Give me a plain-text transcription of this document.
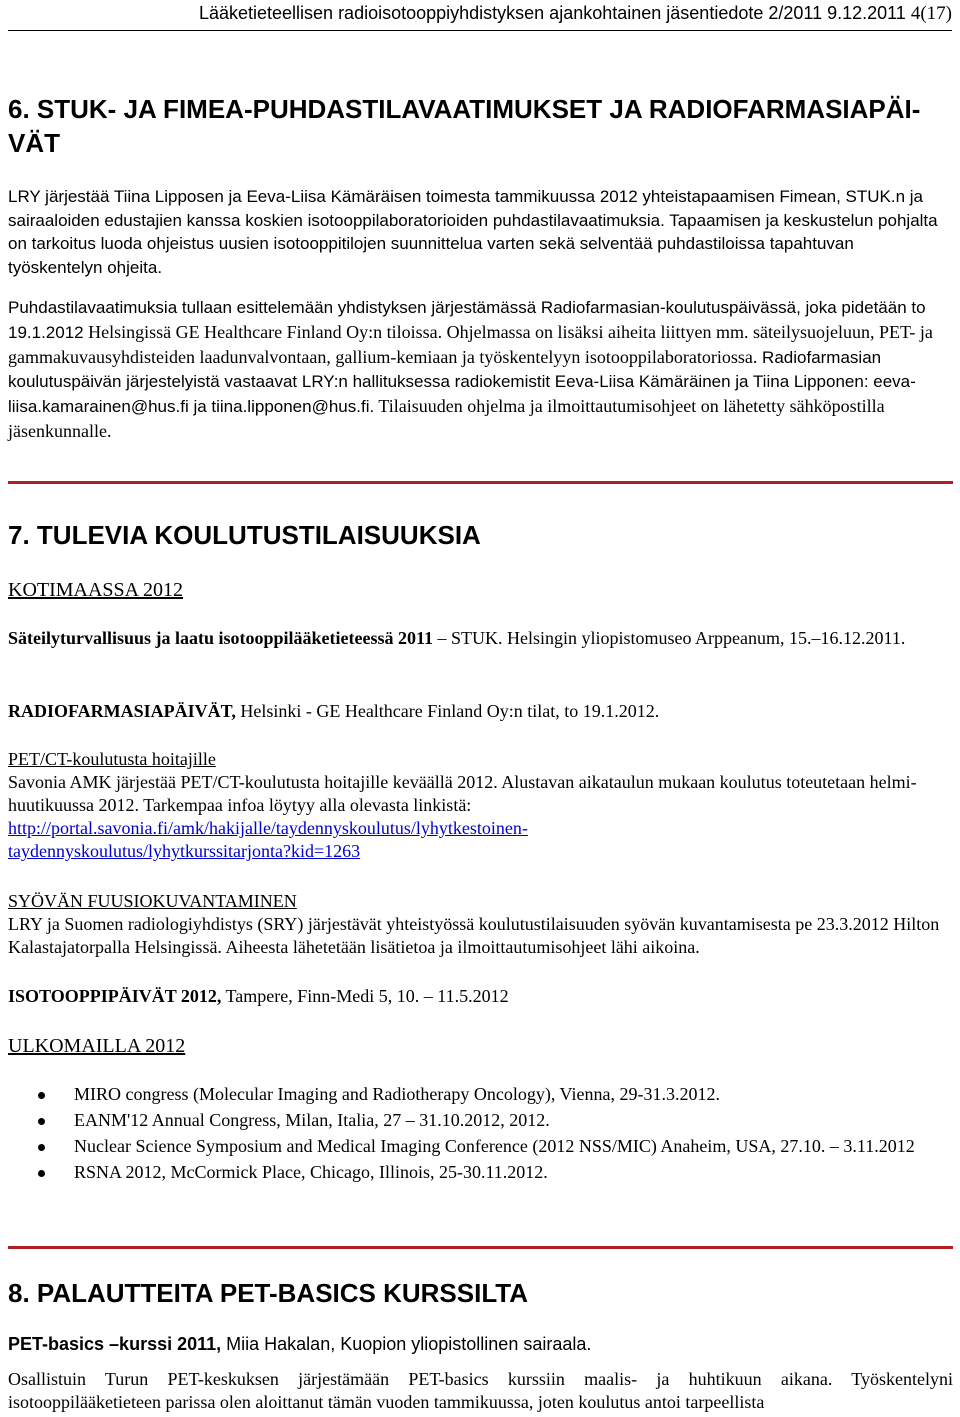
Lääketieteellisen radioisotooppiyhdistyksen ajankohtainen jäsentiedote 2/2011 9.12.2011 4(17)
6. STUK- JA FIMEA-PUHDASTILAVAATIMUKSET JA RADIOFARMASIAPÄI-VÄT

LRY järjestää Tiina Lipposen ja Eeva-Liisa Kämäräisen toimesta tammikuussa 2012 yhteistapaamisen Fimean, STUK.n ja sairaaloiden edustajien kanssa koskien isotooppilaboratorioiden puhdastilavaatimuksia. Tapaamisen ja keskustelun pohjalta on tarkoitus luoda ohjeistus uusien isotooppitilojen suunnittelua varten sekä selventää puhdastiloissa tapahtuvan työskentelyn ohjeita.

Puhdastilavaatimuksia tullaan esittelemään yhdistyksen järjestämässä Radiofarmasian-koulutuspäivässä, joka pidetään to 19.1.2012 Helsingissä GE Healthcare Finland Oy:n tiloissa. Ohjelmassa on lisäksi aiheita liittyen mm. säteilysuojeluun, PET- ja gammakuvausyhdisteiden laadunvalvontaan, gallium-kemiaan ja työskentelyyn isotooppilaboratoriossa. Radiofarmasian koulutuspäivän järjestelyistä vastaavat LRY:n hallituksessa radiokemistit Eeva-Liisa Kämäräinen ja Tiina Lipponen: eeva-liisa.kamarainen@hus.fi ja tiina.lipponen@hus.fi. Tilaisuuden ohjelma ja ilmoittautumisohjeet on lähetetty sähköpostilla jäsenkunnalle.

7. TULEVIA KOULUTUSTILAISUUKSIA
KOTIMAASSA 2012

Säteilyturvallisuus ja laatu isotooppilääketieteessä 2011 – STUK. Helsingin yliopistomuseo Arppeanum, 15.–16.12.2011.

RADIOFARMASIAPÄIVÄT, Helsinki - GE Healthcare Finland Oy:n tilat, to 19.1.2012.

PET/CT-koulutusta hoitajille
Savonia AMK järjestää PET/CT-koulutusta hoitajille keväällä 2012. Alustavan aikataulun mukaan koulutus toteutetaan helmi-huutikuussa 2012. Tarkempaa infoa löytyy alla olevasta linkistä:
http://portal.savonia.fi/amk/hakijalle/taydennyskoulutus/lyhytkestoinen-
taydennyskoulutus/lyhytkurssitarjonta?kid=1263
SYÖVÄN FUUSIOKUVANTAMINEN
LRY ja Suomen radiologiyhdistys (SRY) järjestävät yhteistyössä koulutustilaisuuden syövän kuvantamisesta pe 23.3.2012 Hilton Kalastajatorpalla Helsingissä. Aiheesta lähetetään lisätietoa ja ilmoittautumisohjeet lähi aikoina.

ISOTOOPPIPÄIVÄT 2012, Tampere, Finn-Medi 5, 10. – 11.5.2012

ULKOMAILLA 2012
MIRO congress (Molecular Imaging and Radiotherapy Oncology), Vienna, 29-31.3.2012.
EANM'12 Annual Congress, Milan, Italia, 27 – 31.10.2012, 2012.
Nuclear Science Symposium and Medical Imaging Conference (2012 NSS/MIC) Anaheim, USA, 27.10. – 3.11.2012
RSNA 2012, McCormick Place, Chicago, Illinois, 25-30.11.2012.
8. PALAUTTEITA PET-BASICS KURSSILTA

PET-basics –kurssi 2011, Miia Hakalan, Kuopion yliopistollinen sairaala.

Osallistuin Turun PET-keskuksen järjestämään PET-basics kurssiin maalis- ja huhtikuun aikana. Työskentelyni isotooppilääketieteen parissa olen aloittanut tämän vuoden tammikuussa, joten koulutus antoi tarpeellista
